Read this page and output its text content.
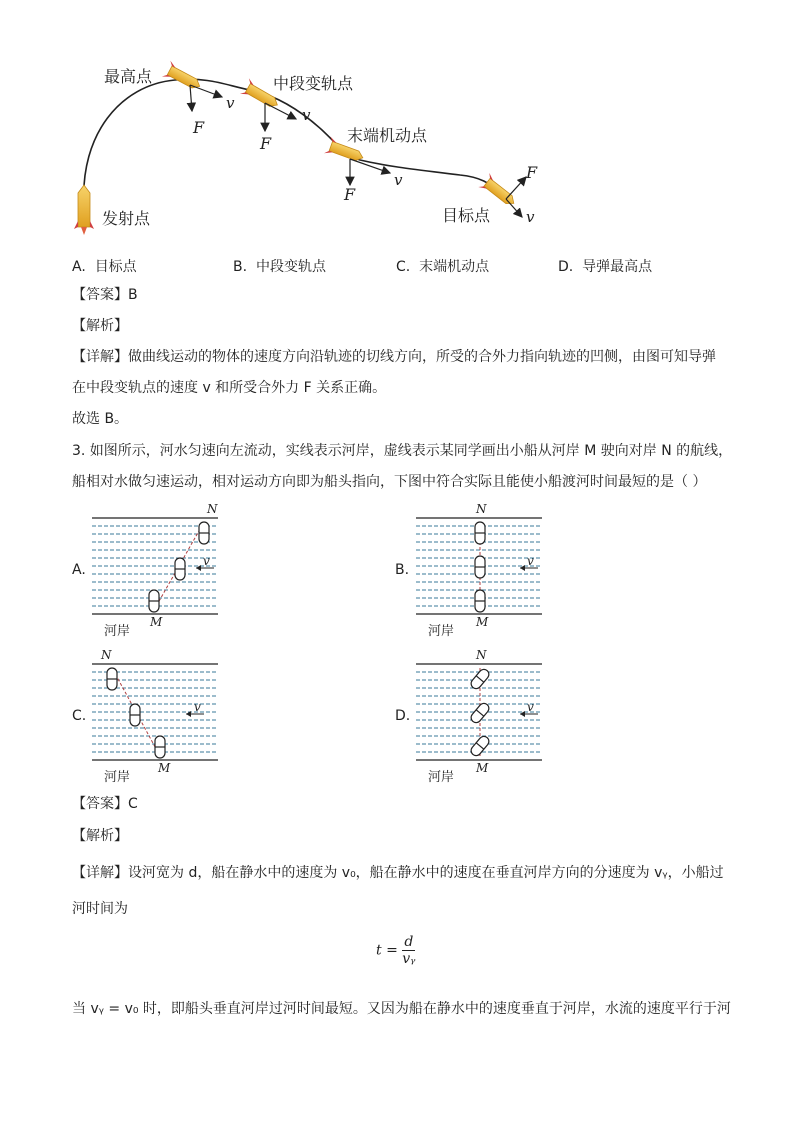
最高点	中段变轨点
末端机动点
发射点	目标点
v
F
v
F
v
F
F
v
A. 目标点	B. 中段变轨点	C. 末端机动点	D. 导弹最高点
【答案】B
【解析】
【详解】做曲线运动的物体的速度方向沿轨迹的切线方向，所受的合外力指向轨迹的凹侧，由图可知导弹
在中段变轨点的速度 v 和所受合外力 F 关系正确。
故选 B。
3. 如图所示，河水匀速向左流动，实线表示河岸，虚线表示某同学画出小船从河岸 M 驶向对岸 N 的航线，
船相对水做匀速运动，相对运动方向即为船头指向，下图中符合实际且能使小船渡河时间最短的是（ ）
A.
N
M
v
河岸
B.
N
M
v
河岸
C.
N
M
v
河岸
D.
N
M
v
河岸
【答案】C
【解析】
【详解】设河宽为 d，船在静水中的速度为 v₀，船在静水中的速度在垂直河岸方向的分速度为 vᵧ，小船过
河时间为
$t = \frac{d}{\text{vᵧ}}$
当 vᵧ = v₀ 时，即船头垂直河岸过河时间最短。又因为船在静水中的速度垂直于河岸，水流的速度平行于河
